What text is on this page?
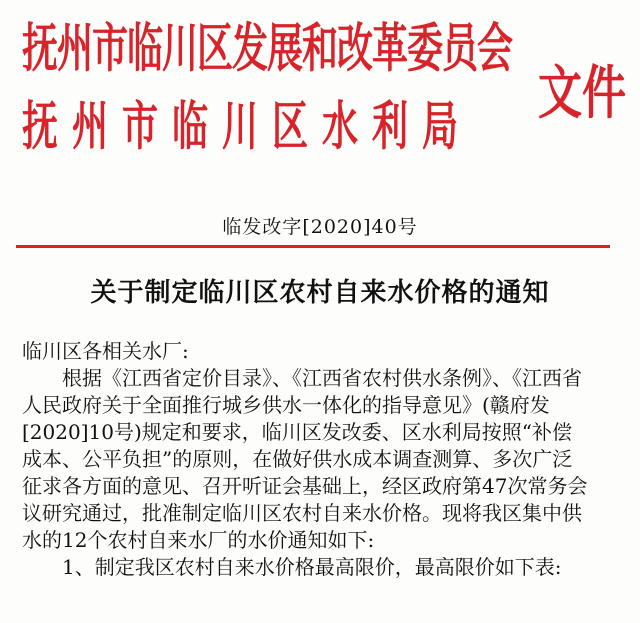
抚州市临川区发展和改革委员会
抚州市临川区水利局 文件
临发改字[2020]40号
关于制定临川区农村自来水价格的通知

临川区各相关水厂:

根据《江西省定价目录》、《江西省农村供水条例》、《江西省

人民政府关于全面推行城乡供水一体化的指导意见》(赣府发

[2020]10号)规定和要求，临川区发改委、区水利局按照“补偿

成本、公平负担”的原则，在做好供水成本调查测算、多次广泛

征求各方面的意见、召开听证会基础上，经区政府第47次常务会

议研究通过，批准制定临川区农村自来水价格。现将我区集中供

水的12个农村自来水厂的水价通知如下:

1、制定我区农村自来水价格最高限价，最高限价如下表:
